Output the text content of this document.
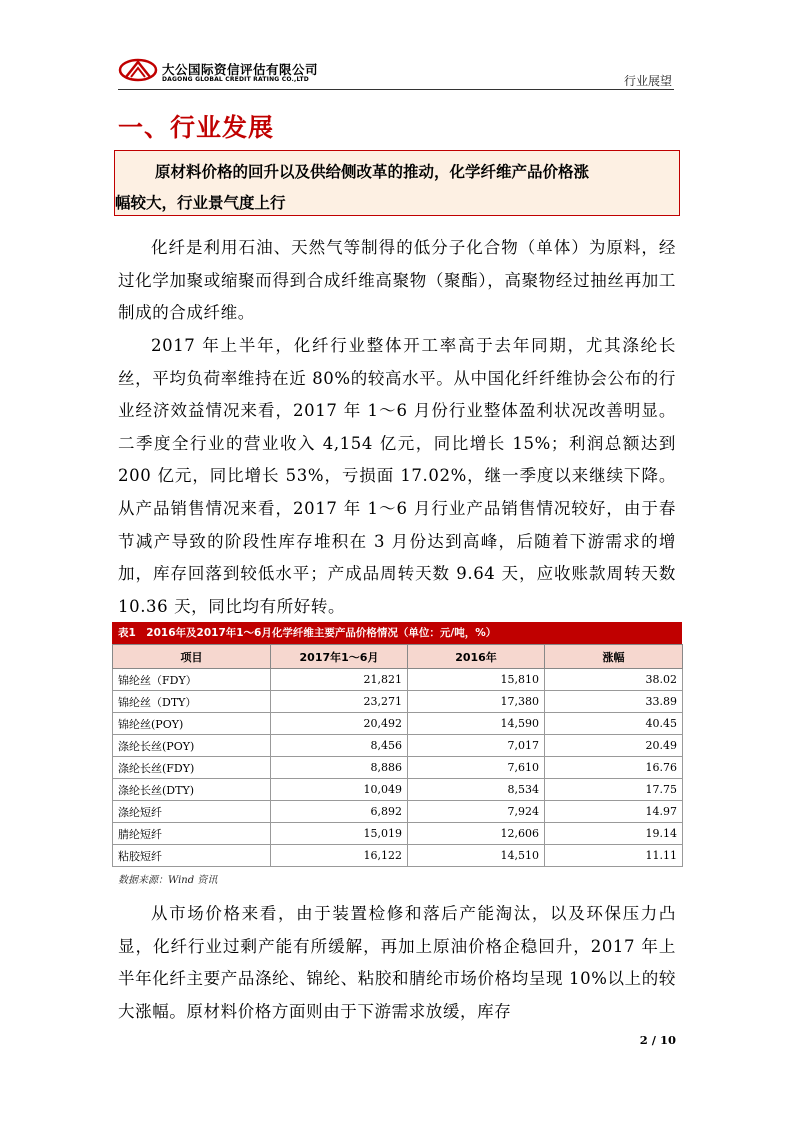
大公国际资信评估有限公司
DAGONG GLOBAL CREDIT RATING CO.,LTD	行业展望
一、行业发展
原材料价格的回升以及供给侧改革的推动，化学纤维产品价格涨
幅较大，行业景气度上行

化纤是利用石油、天然气等制得的低分子化合物（单体）为原料，经过化学加聚或缩聚而得到合成纤维高聚物（聚酯），高聚物经过抽丝再加工制成的合成纤维。

2017 年上半年，化纤行业整体开工率高于去年同期，尤其涤纶长丝，平均负荷率维持在近 80%的较高水平。从中国化纤纤维协会公布的行业经济效益情况来看，2017 年 1～6 月份行业整体盈利状况改善明显。二季度全行业的营业收入 4,154 亿元，同比增长 15%；利润总额达到 200 亿元，同比增长 53%，亏损面 17.02%，继一季度以来继续下降。从产品销售情况来看，2017 年 1～6 月行业产品销售情况较好，由于春节减产导致的阶段性库存堆积在 3 月份达到高峰，后随着下游需求的增加，库存回落到较低水平；产成品周转天数 9.64 天，应收账款周转天数 10.36 天，同比均有所好转。

表1　2016年及2017年1～6月化学纤维主要产品价格情况（单位：元/吨，%）
项目	2017年1～6月	2016年	涨幅
锦纶丝（FDY）	21,821	15,810	38.02
锦纶丝（DTY）	23,271	17,380	33.89
锦纶丝(POY)	20,492	14,590	40.45
涤纶长丝(POY)	8,456	7,017	20.49
涤纶长丝(FDY)	8,886	7,610	16.76
涤纶长丝(DTY)	10,049	8,534	17.75
涤纶短纤	6,892	7,924	14.97
腈纶短纤	15,019	12,606	19.14
粘胶短纤	16,122	14,510	11.11
数据来源：Wind 资讯

从市场价格来看，由于装置检修和落后产能淘汰，以及环保压力凸显，化纤行业过剩产能有所缓解，再加上原油价格企稳回升，2017 年上半年化纤主要产品涤纶、锦纶、粘胶和腈纶市场价格均呈现 10%以上的较大涨幅。原材料价格方面则由于下游需求放缓，库存

2 / 10
